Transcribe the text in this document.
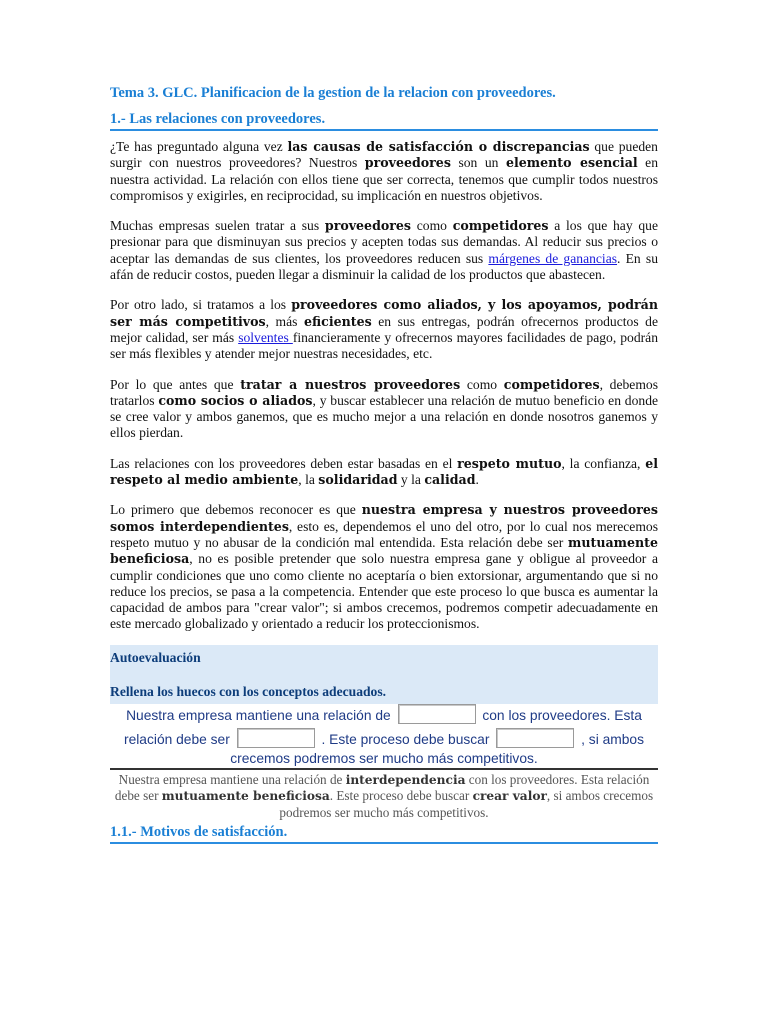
Tema 3. GLC. Planificacion de la gestion de la relacion con proveedores.
1.- Las relaciones con proveedores.

¿Te has preguntado alguna vez las causas de satisfacción o discrepancias que pueden surgir con nuestros proveedores? Nuestros proveedores son un elemento esencial en nuestra actividad. La relación con ellos tiene que ser correcta, tenemos que cumplir todos nuestros compromisos y exigirles, en reciprocidad, su implicación en nuestros objetivos.

Muchas empresas suelen tratar a sus proveedores como competidores a los que hay que presionar para que disminuyan sus precios y acepten todas sus demandas. Al reducir sus precios o aceptar las demandas de sus clientes, los proveedores reducen sus márgenes de ganancias. En su afán de reducir costos, pueden llegar a disminuir la calidad de los productos que abastecen.

Por otro lado, si tratamos a los proveedores como aliados, y los apoyamos, podrán ser más competitivos, más eficientes en sus entregas, podrán ofrecernos productos de mejor calidad, ser más solventes financieramente y ofrecernos mayores facilidades de pago, podrán ser más flexibles y atender mejor nuestras necesidades, etc.

Por lo que antes que tratar a nuestros proveedores como competidores, debemos tratarlos como socios o aliados, y buscar establecer una relación de mutuo beneficio en donde se cree valor y ambos ganemos, que es mucho mejor a una relación en donde nosotros ganemos y ellos pierdan.

Las relaciones con los proveedores deben estar basadas en el respeto mutuo, la confianza, el respeto al medio ambiente, la solidaridad y la calidad.

Lo primero que debemos reconocer es que nuestra empresa y nuestros proveedores somos interdependientes, esto es, dependemos el uno del otro, por lo cual nos merecemos respeto mutuo y no abusar de la condición mal entendida. Esta relación debe ser mutuamente beneficiosa, no es posible pretender que solo nuestra empresa gane y obligue al proveedor a cumplir condiciones que uno como cliente no aceptaría o bien extorsionar, argumentando que si no reduce los precios, se pasa a la competencia. Entender que este proceso lo que busca es aumentar la capacidad de ambos para "crear valor"; si ambos crecemos, podremos competir adecuadamente en este mercado globalizado y orientado a reducir los proteccionismos.

Autoevaluación
Rellena los huecos con los conceptos adecuados.
Nuestra empresa mantiene una relación de	con los proveedores. Esta
relación debe ser	. Este proceso debe buscar	, si ambos
crecemos podremos ser mucho más competitivos.
Nuestra empresa mantiene una relación de interdependencia con los proveedores. Esta relación debe ser mutuamente beneficiosa. Este proceso debe buscar crear valor, si ambos crecemos podremos ser mucho más competitivos.
1.1.- Motivos de satisfacción.
